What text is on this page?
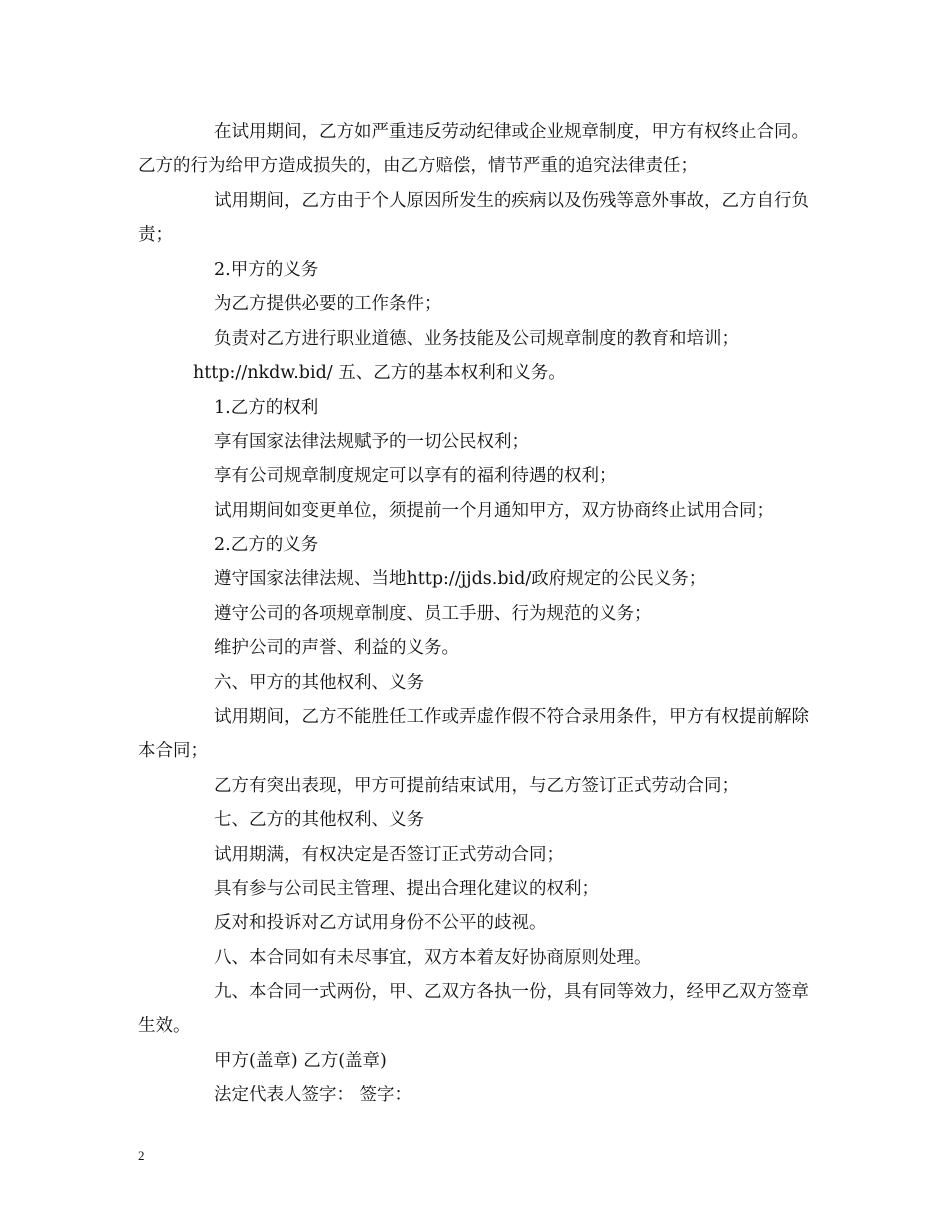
在试用期间，乙方如严重违反劳动纪律或企业规章制度，甲方有权终止合同。乙方的行为给甲方造成损失的，由乙方赔偿，情节严重的追究法律责任；

试用期间，乙方由于个人原因所发生的疾病以及伤残等意外事故，乙方自行负责；

2.甲方的义务

为乙方提供必要的工作条件；

负责对乙方进行职业道德、业务技能及公司规章制度的教育和培训；

http://nkdw.bid/ 五、乙方的基本权利和义务。

1.乙方的权利

享有国家法律法规赋予的一切公民权利；

享有公司规章制度规定可以享有的福利待遇的权利；

试用期间如变更单位，须提前一个月通知甲方，双方协商终止试用合同；

2.乙方的义务

遵守国家法律法规、当地http://jjds.bid/政府规定的公民义务；

遵守公司的各项规章制度、员工手册、行为规范的义务；

维护公司的声誉、利益的义务。

六、甲方的其他权利、义务

试用期间，乙方不能胜任工作或弄虚作假不符合录用条件，甲方有权提前解除本合同；

乙方有突出表现，甲方可提前结束试用，与乙方签订正式劳动合同；

七、乙方的其他权利、义务

试用期满，有权决定是否签订正式劳动合同；

具有参与公司民主管理、提出合理化建议的权利；

反对和投诉对乙方试用身份不公平的歧视。

八、本合同如有未尽事宜，双方本着友好协商原则处理。

九、本合同一式两份，甲、乙双方各执一份，具有同等效力，经甲乙双方签章生效。

甲方(盖章) 乙方(盖章)

法定代表人签字： 签字：

2
